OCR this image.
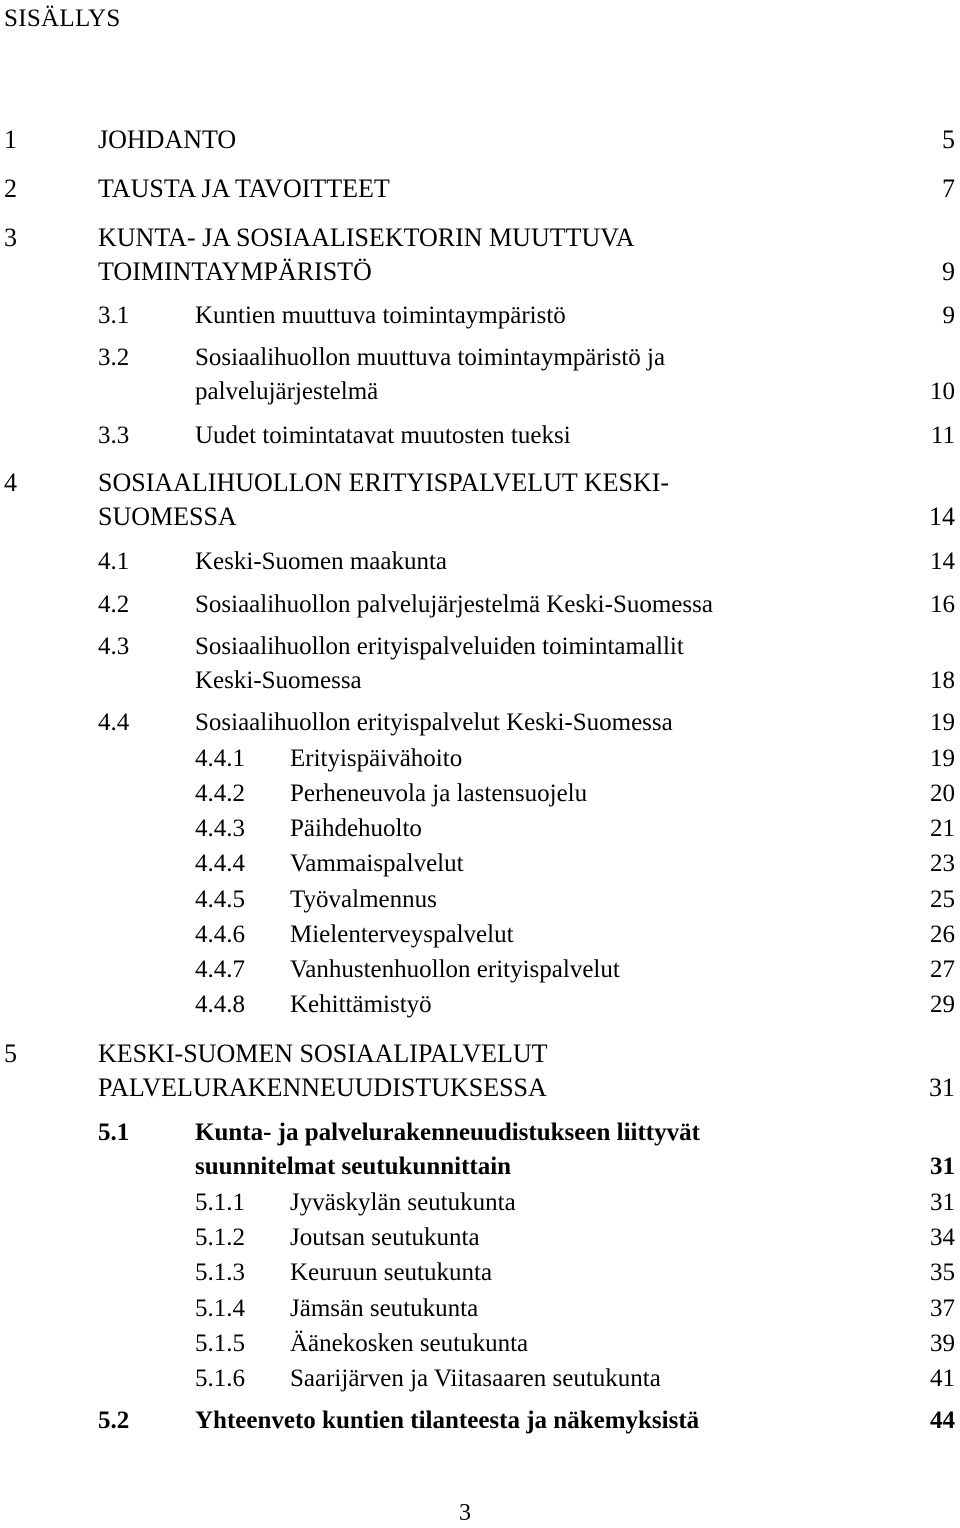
SISÄLLYS
1	JOHDANTO	5
2	TAUSTA JA TAVOITTEET	7
3	KUNTA- JA SOSIAALISEKTORIN MUUTTUVA
TOIMINTAYMPÄRISTÖ	9
3.1	Kuntien muuttuva toimintaympäristö	9
3.2	Sosiaalihuollon muuttuva toimintaympäristö ja
palvelujärjestelmä	10
3.3	Uudet toimintatavat muutosten tueksi	11
4	SOSIAALIHUOLLON ERITYISPALVELUT KESKI-
SUOMESSA	14
4.1	Keski-Suomen maakunta	14
4.2	Sosiaalihuollon palvelujärjestelmä Keski-Suomessa	16
4.3	Sosiaalihuollon erityispalveluiden toimintamallit
Keski-Suomessa	18
4.4	Sosiaalihuollon erityispalvelut Keski-Suomessa	19
4.4.1 Erityispäivähoito	19
4.4.2 Perheneuvola ja lastensuojelu	20
4.4.3 Päihdehuolto	21
4.4.4 Vammaispalvelut	23
4.4.5 Työvalmennus	25
4.4.6 Mielenterveyspalvelut	26
4.4.7 Vanhustenhuollon erityispalvelut	27
4.4.8 Kehittämistyö	29
5	KESKI-SUOMEN SOSIAALIPALVELUT
PALVELURAKENNEUUDISTUKSESSA	31
5.1	Kunta- ja palvelurakenneuudistukseen liittyvät
suunnitelmat seutukunnittain	31
5.1.1 Jyväskylän seutukunta	31
5.1.2 Joutsan seutukunta	34
5.1.3 Keuruun seutukunta	35
5.1.4 Jämsän seutukunta	37
5.1.5 Äänekosken seutukunta	39
5.1.6 Saarijärven ja Viitasaaren seutukunta	41
5.2	Yhteenveto kuntien tilanteesta ja näkemyksistä	44
3
